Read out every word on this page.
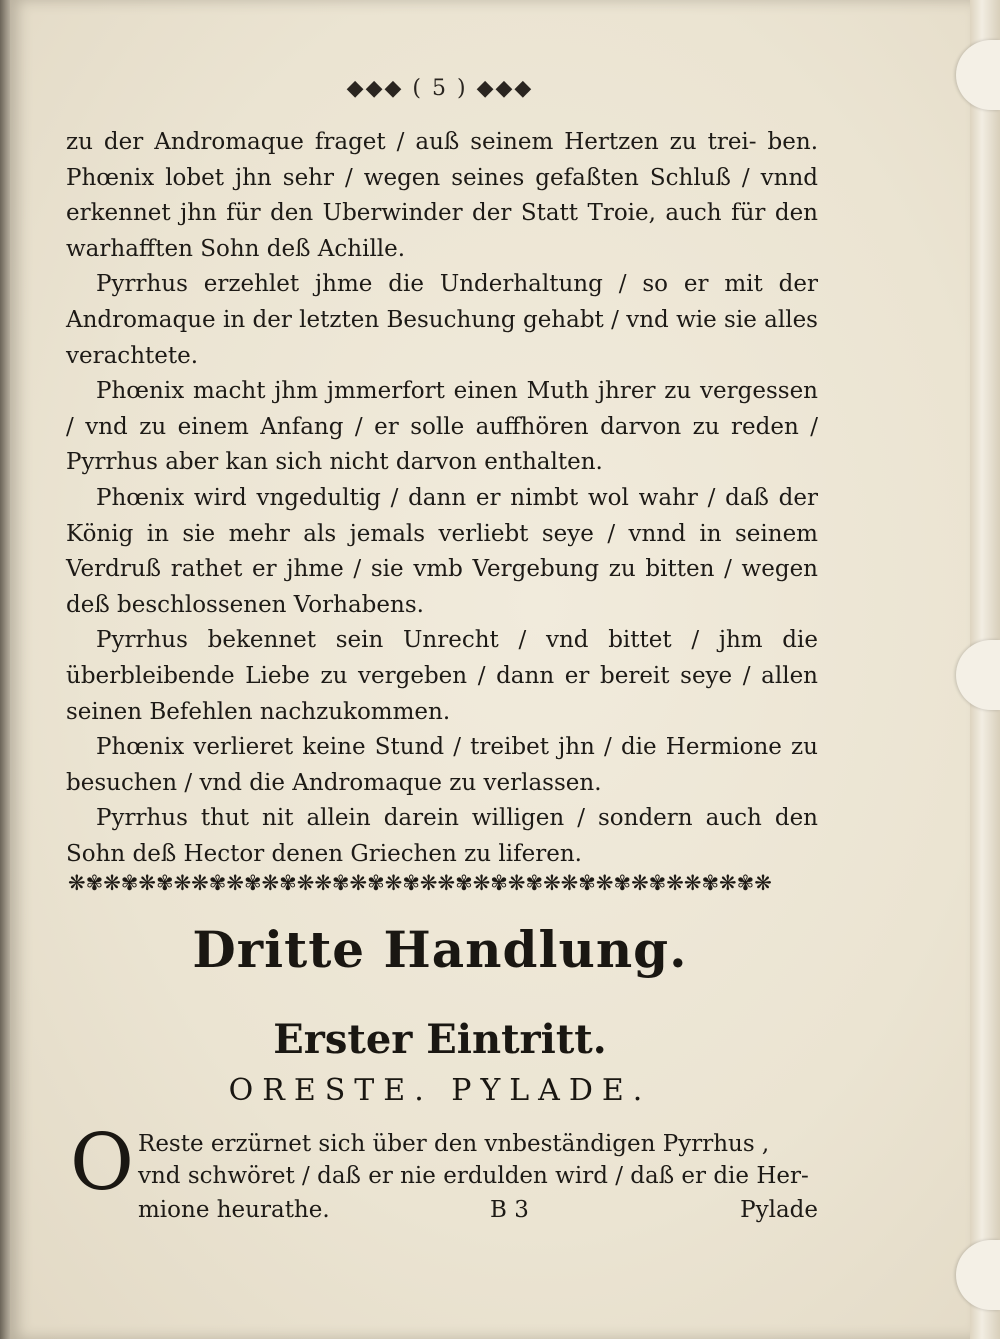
◆◆◆ ( 5 ) ◆◆◆

zu der Andromaque fraget / auß seinem Hertzen zu trei- ben. Phœnix lobet jhn sehr / wegen seines gefaßten Schluß / vnnd erkennet jhn für den Uberwinder der Statt Troie, auch für den warhafften Sohn deß Achille.

Pyrrhus erzehlet jhme die Underhaltung / so er mit der Andromaque in der letzten Besuchung gehabt / vnd wie sie alles verachtete.

Phœnix macht jhm jmmerfort einen Muth jhrer zu vergessen / vnd zu einem Anfang / er solle auffhören darvon zu reden / Pyrrhus aber kan sich nicht darvon enthalten.

Phœnix wird vngedultig / dann er nimbt wol wahr / daß der König in sie mehr als jemals verliebt seye / vnnd in seinem Verdruß rathet er jhme / sie vmb Vergebung zu bitten / wegen deß beschlossenen Vorhabens.

Pyrrhus bekennet sein Unrecht / vnd bittet / jhm die überbleibende Liebe zu vergeben / dann er bereit seye / allen seinen Befehlen nachzukommen.

Phœnix verlieret keine Stund / treibet jhn / die Hermione zu besuchen / vnd die Andromaque zu verlassen.

Pyrrhus thut nit allein darein willigen / sondern auch den Sohn deß Hector denen Griechen zu liferen.

❋✾❋✾❋✾❋❋✾❋✾❋✾❋❋✾❋✾❋✾❋❋✾❋✾❋✾❋❋✾❋✾❋✾❋❋✾❋✾❋
Dritte Handlung.
Erster Eintritt.
ORESTE. PYLADE.
O Reste erzürnet sich über den vnbeständigen Pyrrhus ,
vnd schwöret / daß er nie erdulden wird / daß er die Her-
mione heurathe.	B 3	Pylade
